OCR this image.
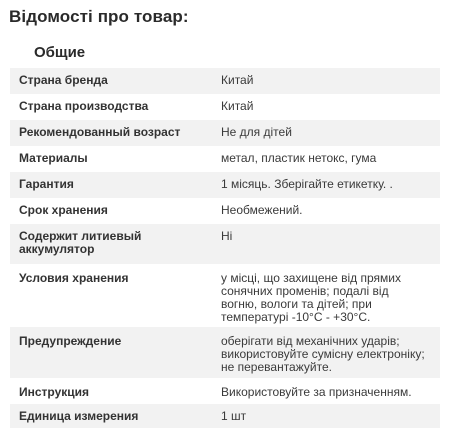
Відомості про товар:
Общие
Страна бренда	Китай
Страна производства	Китай
Рекомендованный возраст	Не для дітей
Материалы	метал, пластик нетокс, гума
Гарантия	1 місяць. Зберігайте етикетку. .
Срок хранения	Необмежений.
Содержит литиевый аккумулятор	Ні
Условия хранения	у місці, що захищене від прямих сонячних променів; подалі від вогню, вологи та дітей; при температурі -10°C - +30°C.
Предупреждение	оберігати від механічних ударів; використовуйте сумісну електроніку; не перевантажуйте.
Инструкция	Використовуйте за призначенням.
Единица измерения	1 шт
